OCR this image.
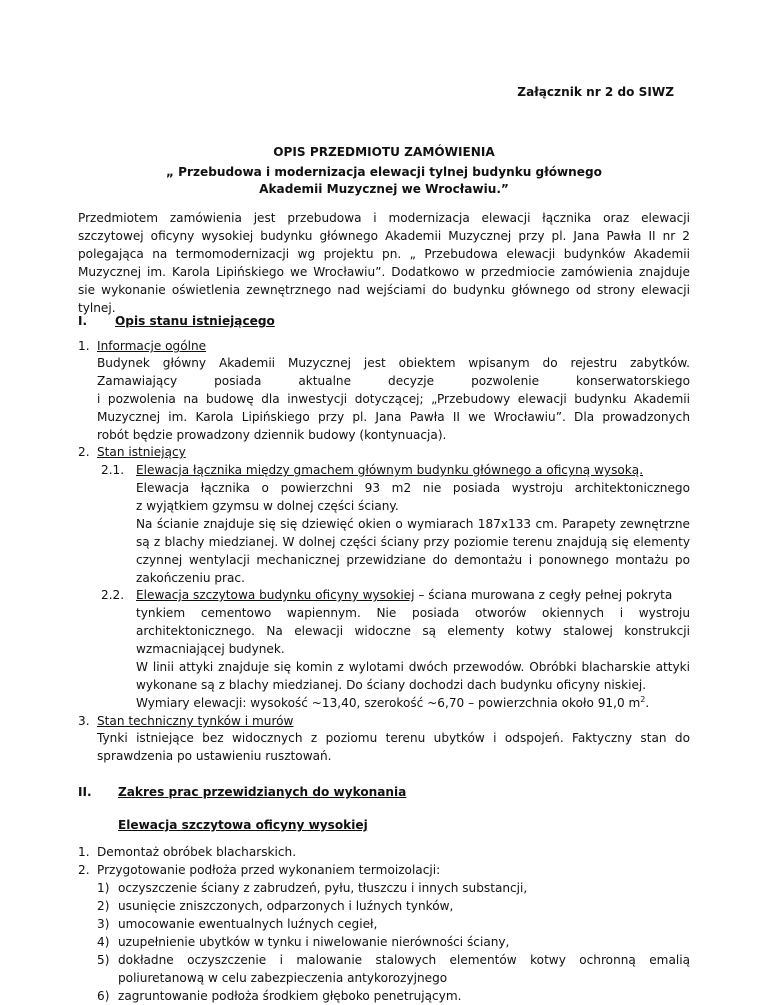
Załącznik nr 2 do SIWZ
OPIS PRZEDMIOTU ZAMÓWIENIA
„ Przebudowa i modernizacja elewacji tylnej budynku głównego
Akademii Muzycznej we Wrocławiu.”
Przedmiotem zamówienia jest przebudowa i modernizacja elewacji łącznika oraz elewacji
szczytowej oficyny wysokiej budynku głównego Akademii Muzycznej przy pl. Jana Pawła II nr 2
polegająca na termomodernizacji wg projektu pn. „ Przebudowa elewacji budynków Akademii
Muzycznej im. Karola Lipińskiego we Wrocławiu”. Dodatkowo w przedmiocie zamówienia znajduje
sie wykonanie oświetlenia zewnętrznego nad wejściami do budynku głównego od strony elewacji
tylnej.
I. Opis stanu istniejącego
1. Informacje ogólne
Budynek główny Akademii Muzycznej jest obiektem wpisanym do rejestru zabytków.
Zamawiający posiada aktualne decyzje pozwolenie konserwatorskiego
i pozwolenia na budowę dla inwestycji dotyczącej; „Przebudowy elewacji budynku Akademii
Muzycznej im. Karola Lipińskiego przy pl. Jana Pawła II we Wrocławiu”. Dla prowadzonych
robót będzie prowadzony dziennik budowy (kontynuacja).
2. Stan istniejący
2.1. Elewacja łącznika między gmachem głównym budynku głównego a oficyną wysoką.
Elewacja łącznika o powierzchni 93 m2 nie posiada wystroju architektonicznego
z wyjątkiem gzymsu w dolnej części ściany.
Na ścianie znajduje się się dziewięć okien o wymiarach 187x133 cm. Parapety zewnętrzne
są z blachy miedzianej. W dolnej części ściany przy poziomie terenu znajdują się elementy
czynnej wentylacji mechanicznej przewidziane do demontażu i ponownego montażu po
zakończeniu prac.
2.2. Elewacja szczytowa budynku oficyny wysokiej – ściana murowana z cegły pełnej pokryta
tynkiem cementowo wapiennym. Nie posiada otworów okiennych i wystroju
architektonicznego. Na elewacji widoczne są elementy kotwy stalowej konstrukcji
wzmacniającej budynek.
W linii attyki znajduje się komin z wylotami dwóch przewodów. Obróbki blacharskie attyki
wykonane są z blachy miedzianej. Do ściany dochodzi dach budynku oficyny niskiej.
Wymiary elewacji: wysokość ~13,40, szerokość ~6,70 – powierzchnia około 91,0 $m^2$.
3. Stan techniczny tynków i murów
Tynki istniejące bez widocznych z poziomu terenu ubytków i odspojeń. Faktyczny stan do
sprawdzenia po ustawieniu rusztowań.
II. Zakres prac przewidzianych do wykonania
Elewacja szczytowa oficyny wysokiej
1. Demontaż obróbek blacharskich.
2. Przygotowanie podłoża przed wykonaniem termoizolacji:
1) oczyszczenie ściany z zabrudzeń, pyłu, tłuszczu i innych substancji,
2) usunięcie zniszczonych, odparzonych i luźnych tynków,
3) umocowanie ewentualnych luźnych cegieł,
4) uzupełnienie ubytków w tynku i niwelowanie nierówności ściany,
5) dokładne oczyszczenie i malowanie stalowych elementów kotwy ochronną emalią
poliuretanową w celu zabezpieczenia antykorozyjnego
6) zagruntowanie podłoża środkiem głęboko penetrującym.
